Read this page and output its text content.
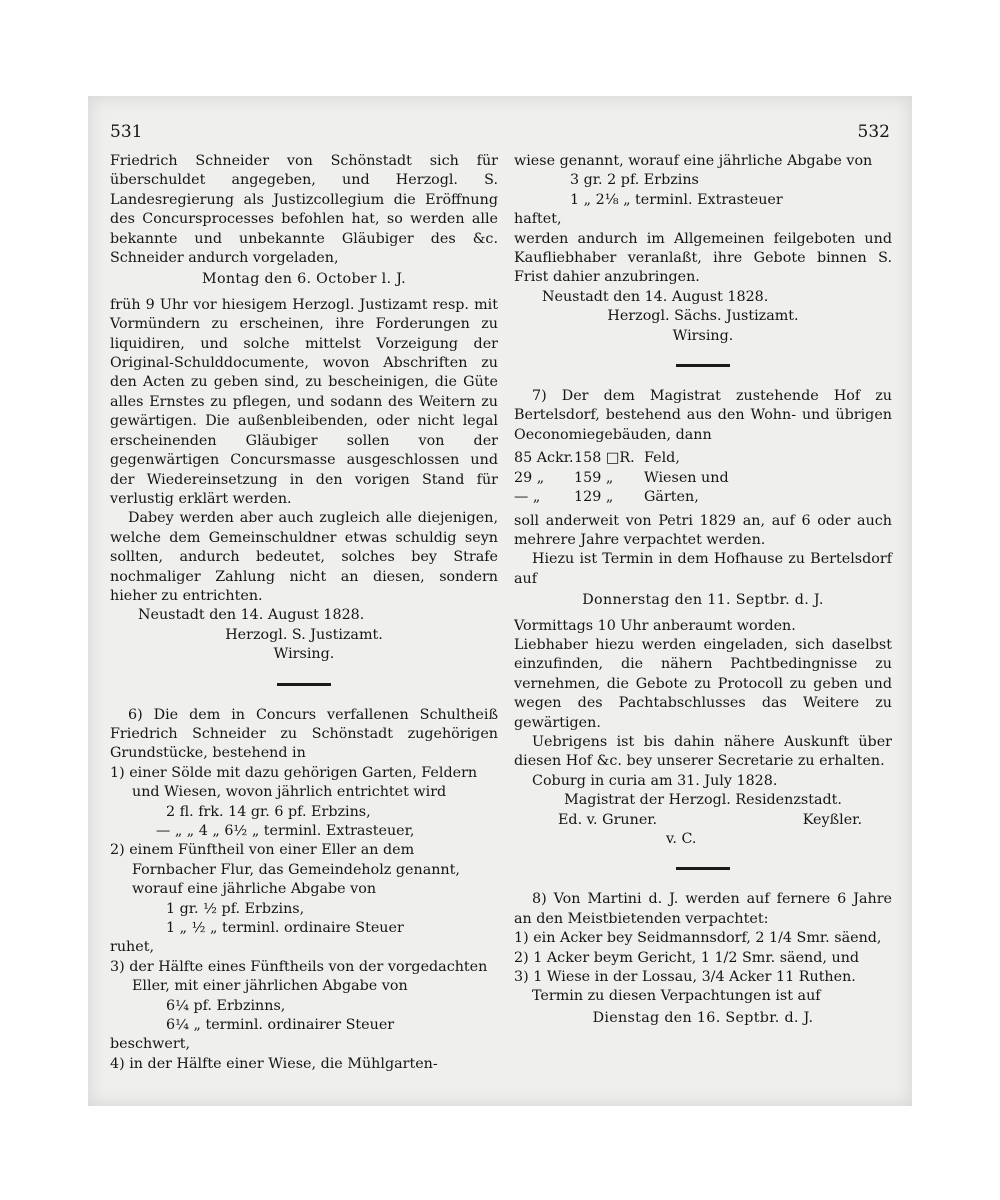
531	532

Friedrich Schneider von Schönstadt sich für überschuldet angegeben, und Herzogl. S. Landesregierung als Justizcollegium die Eröffnung des Concursprocesses befohlen hat, so werden alle bekannte und unbekannte Gläubiger des &c. Schneider andurch vorgeladen,

Montag den 6. October l. J.

früh 9 Uhr vor hiesigem Herzogl. Justizamt resp. mit Vormündern zu erscheinen, ihre Forderungen zu liquidiren, und solche mittelst Vorzeigung der Original-Schulddocumente, wovon Abschriften zu den Acten zu geben sind, zu bescheinigen, die Güte alles Ernstes zu pflegen, und sodann des Weitern zu gewärtigen. Die außenbleibenden, oder nicht legal erscheinenden Gläubiger sollen von der gegenwärtigen Concursmasse ausgeschlossen und der Wiedereinsetzung in den vorigen Stand für verlustig erklärt werden.

Dabey werden aber auch zugleich alle diejenigen, welche dem Gemeinschuldner etwas schuldig seyn sollten, andurch bedeutet, solches bey Strafe nochmaliger Zahlung nicht an diesen, sondern hieher zu entrichten.

Neustadt den 14. August 1828.

Herzogl. S. Justizamt.

Wirsing.

6) Die dem in Concurs verfallenen Schultheiß Friedrich Schneider zu Schönstadt zugehörigen Grundstücke, bestehend in

1) einer Sölde mit dazu gehörigen Garten, Feldern und Wiesen, wovon jährlich entrichtet wird

2 fl. frk. 14 gr. 6 pf. Erbzins,

— „ „ 4 „ 6½ „ terminl. Extrasteuer,

2) einem Fünftheil von einer Eller an dem Fornbacher Flur, das Gemeindeholz genannt, worauf eine jährliche Abgabe von

1 gr. ½ pf. Erbzins,

1 „ ½ „ terminl. ordinaire Steuer

ruhet,

3) der Hälfte eines Fünftheils von der vorgedachten Eller, mit einer jährlichen Abgabe von

6¼ pf. Erbzinns,

6¼ „ terminl. ordinairer Steuer

beschwert,

4) in der Hälfte einer Wiese, die Mühlgarten-

wiese genannt, worauf eine jährliche Abgabe von

3 gr. 2 pf. Erbzins

1 „ 2⅛ „ terminl. Extrasteuer

haftet,

werden andurch im Allgemeinen feilgeboten und Kaufliebhaber veranlaßt, ihre Gebote binnen S. Frist dahier anzubringen.

Neustadt den 14. August 1828.

Herzogl. Sächs. Justizamt.

Wirsing.

7) Der dem Magistrat zustehende Hof zu Bertelsdorf, bestehend aus den Wohn- und übrigen Oeconomiegebäuden, dann

85 Ackr. 158 □R. Feld,
29 „	159 „	Wiesen und
— „	129 „	Gärten,

soll anderweit von Petri 1829 an, auf 6 oder auch mehrere Jahre verpachtet werden.

Hiezu ist Termin in dem Hofhause zu Bertelsdorf auf

Donnerstag den 11. Septbr. d. J.

Vormittags 10 Uhr anberaumt worden.

Liebhaber hiezu werden eingeladen, sich daselbst einzufinden, die nähern Pachtbedingnisse zu vernehmen, die Gebote zu Protocoll zu geben und wegen des Pachtabschlusses das Weitere zu gewärtigen.

Uebrigens ist bis dahin nähere Auskunft über diesen Hof &c. bey unserer Secretarie zu erhalten.

Coburg in curia am 31. July 1828.

Magistrat der Herzogl. Residenzstadt.

Ed. v. Gruner.	Keyßler.

v. C.

8) Von Martini d. J. werden auf fernere 6 Jahre an den Meistbietenden verpachtet:

1) ein Acker bey Seidmannsdorf, 2 1/4 Smr. säend,

2) 1 Acker beym Gericht, 1 1/2 Smr. säend, und

3) 1 Wiese in der Lossau, 3/4 Acker 11 Ruthen.

Termin zu diesen Verpachtungen ist auf

Dienstag den 16. Septbr. d. J.
